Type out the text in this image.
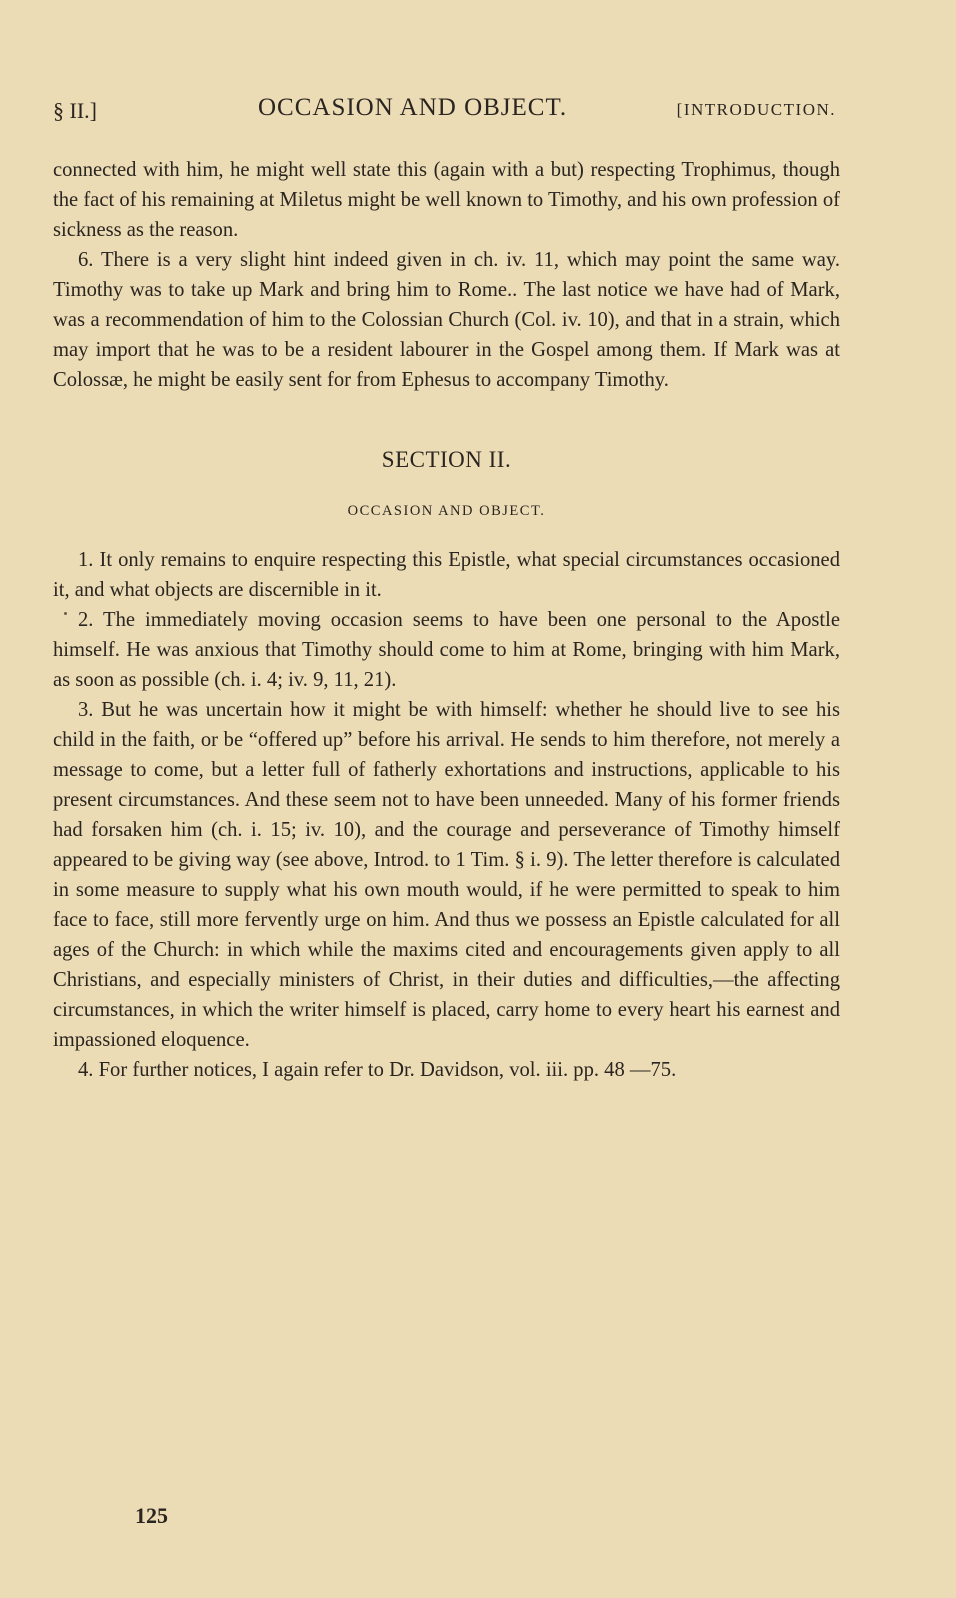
§ II.]	OCCASION AND OBJECT.	[INTRODUCTION.

connected with him, he might well state this (again with a but) respecting Trophimus, though the fact of his remaining at Miletus might be well known to Timothy, and his own profession of sickness as the reason.

6. There is a very slight hint indeed given in ch. iv. 11, which may point the same way. Timothy was to take up Mark and bring him to Rome.. The last notice we have had of Mark, was a recommendation of him to the Colossian Church (Col. iv. 10), and that in a strain, which may import that he was to be a resident labourer in the Gospel among them. If Mark was at Colossæ, he might be easily sent for from Ephesus to accompany Timothy.

SECTION II.
OCCASION AND OBJECT.

1. It only remains to enquire respecting this Epistle, what special circumstances occasioned it, and what objects are discernible in it.

2. The immediately moving occasion seems to have been one personal to the Apostle himself. He was anxious that Timothy should come to him at Rome, bringing with him Mark, as soon as possible (ch. i. 4; iv. 9, 11, 21).

3. But he was uncertain how it might be with himself: whether he should live to see his child in the faith, or be “offered up” before his arrival. He sends to him therefore, not merely a message to come, but a letter full of fatherly exhortations and instructions, applicable to his present circumstances. And these seem not to have been unneeded. Many of his former friends had forsaken him (ch. i. 15; iv. 10), and the courage and perseverance of Timothy himself appeared to be giving way (see above, Introd. to 1 Tim. § i. 9). The letter therefore is calculated in some measure to supply what his own mouth would, if he were permitted to speak to him face to face, still more fervently urge on him. And thus we possess an Epistle calculated for all ages of the Church: in which while the maxims cited and encouragements given apply to all Christians, and especially ministers of Christ, in their duties and difficulties,—the affecting circumstances, in which the writer himself is placed, carry home to every heart his earnest and impassioned eloquence.

4. For further notices, I again refer to Dr. Davidson, vol. iii. pp. 48 —75.

125
